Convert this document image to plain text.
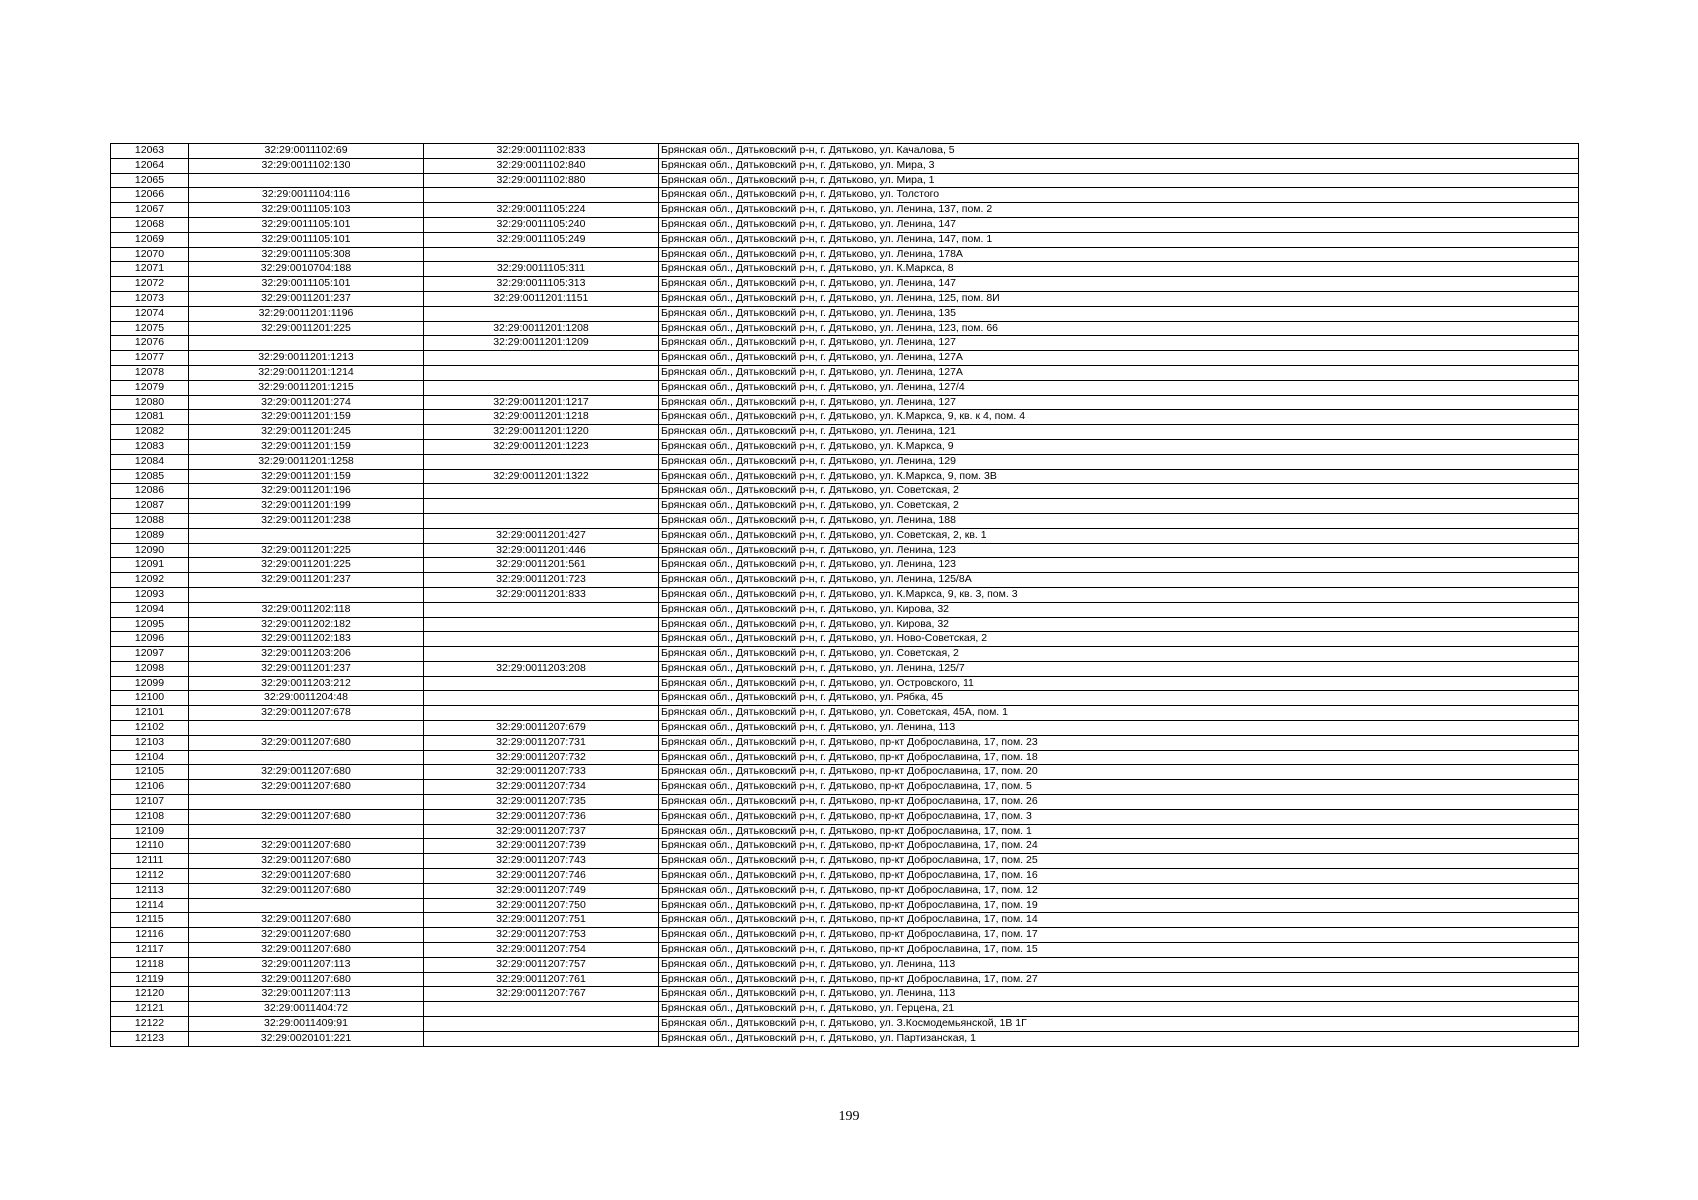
12063	32:29:0011102:69	32:29:0011102:833	Брянская обл., Дятьковский р-н, г. Дятьково, ул. Качалова, 5
12064	32:29:0011102:130	32:29:0011102:840	Брянская обл., Дятьковский р-н, г. Дятьково, ул. Мира, 3
12065		32:29:0011102:880	Брянская обл., Дятьковский р-н, г. Дятьково, ул. Мира, 1
12066	32:29:0011104:116		Брянская обл., Дятьковский р-н, г. Дятьково, ул. Толстого
12067	32:29:0011105:103	32:29:0011105:224	Брянская обл., Дятьковский р-н, г. Дятьково, ул. Ленина, 137, пом. 2
12068	32:29:0011105:101	32:29:0011105:240	Брянская обл., Дятьковский р-н, г. Дятьково, ул. Ленина, 147
12069	32:29:0011105:101	32:29:0011105:249	Брянская обл., Дятьковский р-н, г. Дятьково, ул. Ленина, 147, пом. 1
12070	32:29:0011105:308		Брянская обл., Дятьковский р-н, г. Дятьково, ул. Ленина, 178А
12071	32:29:0010704:188	32:29:0011105:311	Брянская обл., Дятьковский р-н, г. Дятьково, ул. К.Маркса, 8
12072	32:29:0011105:101	32:29:0011105:313	Брянская обл., Дятьковский р-н, г. Дятьково, ул. Ленина, 147
12073	32:29:0011201:237	32:29:0011201:1151	Брянская обл., Дятьковский р-н, г. Дятьково, ул. Ленина, 125, пом. 8И
12074	32:29:0011201:1196		Брянская обл., Дятьковский р-н, г. Дятьково, ул. Ленина, 135
12075	32:29:0011201:225	32:29:0011201:1208	Брянская обл., Дятьковский р-н, г. Дятьково, ул. Ленина, 123, пом. 66
12076		32:29:0011201:1209	Брянская обл., Дятьковский р-н, г. Дятьково, ул. Ленина, 127
12077	32:29:0011201:1213		Брянская обл., Дятьковский р-н, г. Дятьково, ул. Ленина, 127А
12078	32:29:0011201:1214		Брянская обл., Дятьковский р-н, г. Дятьково, ул. Ленина, 127А
12079	32:29:0011201:1215		Брянская обл., Дятьковский р-н, г. Дятьково, ул. Ленина, 127/4
12080	32:29:0011201:274	32:29:0011201:1217	Брянская обл., Дятьковский р-н, г. Дятьково, ул. Ленина, 127
12081	32:29:0011201:159	32:29:0011201:1218	Брянская обл., Дятьковский р-н, г. Дятьково, ул. К.Маркса, 9, кв. к 4, пом. 4
12082	32:29:0011201:245	32:29:0011201:1220	Брянская обл., Дятьковский р-н, г. Дятьково, ул. Ленина, 121
12083	32:29:0011201:159	32:29:0011201:1223	Брянская обл., Дятьковский р-н, г. Дятьково, ул. К.Маркса, 9
12084	32:29:0011201:1258		Брянская обл., Дятьковский р-н, г. Дятьково, ул. Ленина, 129
12085	32:29:0011201:159	32:29:0011201:1322	Брянская обл., Дятьковский р-н, г. Дятьково, ул. К.Маркса, 9, пом. 3В
12086	32:29:0011201:196		Брянская обл., Дятьковский р-н, г. Дятьково, ул. Советская, 2
12087	32:29:0011201:199		Брянская обл., Дятьковский р-н, г. Дятьково, ул. Советская, 2
12088	32:29:0011201:238		Брянская обл., Дятьковский р-н, г. Дятьково, ул. Ленина, 188
12089		32:29:0011201:427	Брянская обл., Дятьковский р-н, г. Дятьково, ул. Советская, 2, кв. 1
12090	32:29:0011201:225	32:29:0011201:446	Брянская обл., Дятьковский р-н, г. Дятьково, ул. Ленина, 123
12091	32:29:0011201:225	32:29:0011201:561	Брянская обл., Дятьковский р-н, г. Дятьково, ул. Ленина, 123
12092	32:29:0011201:237	32:29:0011201:723	Брянская обл., Дятьковский р-н, г. Дятьково, ул. Ленина, 125/8А
12093		32:29:0011201:833	Брянская обл., Дятьковский р-н, г. Дятьково, ул. К.Маркса, 9, кв. 3, пом. 3
12094	32:29:0011202:118		Брянская обл., Дятьковский р-н, г. Дятьково, ул. Кирова, 32
12095	32:29:0011202:182		Брянская обл., Дятьковский р-н, г. Дятьково, ул. Кирова, 32
12096	32:29:0011202:183		Брянская обл., Дятьковский р-н, г. Дятьково, ул. Ново-Советская, 2
12097	32:29:0011203:206		Брянская обл., Дятьковский р-н, г. Дятьково, ул. Советская, 2
12098	32:29:0011201:237	32:29:0011203:208	Брянская обл., Дятьковский р-н, г. Дятьково, ул. Ленина, 125/7
12099	32:29:0011203:212		Брянская обл., Дятьковский р-н, г. Дятьково, ул. Островского, 11
12100	32:29:0011204:48		Брянская обл., Дятьковский р-н, г. Дятьково, ул. Рябка, 45
12101	32:29:0011207:678		Брянская обл., Дятьковский р-н, г. Дятьково, ул. Советская, 45А, пом. 1
12102		32:29:0011207:679	Брянская обл., Дятьковский р-н, г. Дятьково, ул. Ленина, 113
12103	32:29:0011207:680	32:29:0011207:731	Брянская обл., Дятьковский р-н, г. Дятьково, пр-кт Доброславина, 17, пом. 23
12104		32:29:0011207:732	Брянская обл., Дятьковский р-н, г. Дятьково, пр-кт Доброславина, 17, пом. 18
12105	32:29:0011207:680	32:29:0011207:733	Брянская обл., Дятьковский р-н, г. Дятьково, пр-кт Доброславина, 17, пом. 20
12106	32:29:0011207:680	32:29:0011207:734	Брянская обл., Дятьковский р-н, г. Дятьково, пр-кт Доброславина, 17, пом. 5
12107		32:29:0011207:735	Брянская обл., Дятьковский р-н, г. Дятьково, пр-кт Доброславина, 17, пом. 26
12108	32:29:0011207:680	32:29:0011207:736	Брянская обл., Дятьковский р-н, г. Дятьково, пр-кт Доброславина, 17, пом. 3
12109		32:29:0011207:737	Брянская обл., Дятьковский р-н, г. Дятьково, пр-кт Доброславина, 17, пом. 1
12110	32:29:0011207:680	32:29:0011207:739	Брянская обл., Дятьковский р-н, г. Дятьково, пр-кт Доброславина, 17, пом. 24
12111	32:29:0011207:680	32:29:0011207:743	Брянская обл., Дятьковский р-н, г. Дятьково, пр-кт Доброславина, 17, пом. 25
12112	32:29:0011207:680	32:29:0011207:746	Брянская обл., Дятьковский р-н, г. Дятьково, пр-кт Доброславина, 17, пом. 16
12113	32:29:0011207:680	32:29:0011207:749	Брянская обл., Дятьковский р-н, г. Дятьково, пр-кт Доброславина, 17, пом. 12
12114		32:29:0011207:750	Брянская обл., Дятьковский р-н, г. Дятьково, пр-кт Доброславина, 17, пом. 19
12115	32:29:0011207:680	32:29:0011207:751	Брянская обл., Дятьковский р-н, г. Дятьково, пр-кт Доброславина, 17, пом. 14
12116	32:29:0011207:680	32:29:0011207:753	Брянская обл., Дятьковский р-н, г. Дятьково, пр-кт Доброславина, 17, пом. 17
12117	32:29:0011207:680	32:29:0011207:754	Брянская обл., Дятьковский р-н, г. Дятьково, пр-кт Доброславина, 17, пом. 15
12118	32:29:0011207:113	32:29:0011207:757	Брянская обл., Дятьковский р-н, г. Дятьково, ул. Ленина, 113
12119	32:29:0011207:680	32:29:0011207:761	Брянская обл., Дятьковский р-н, г. Дятьково, пр-кт Доброславина, 17, пом. 27
12120	32:29:0011207:113	32:29:0011207:767	Брянская обл., Дятьковский р-н, г. Дятьково, ул. Ленина, 113
12121	32:29:0011404:72		Брянская обл., Дятьковский р-н, г. Дятьково, ул. Герцена, 21
12122	32:29:0011409:91		Брянская обл., Дятьковский р-н, г. Дятьково, ул. З.Космодемьянской, 1В 1Г
12123	32:29:0020101:221		Брянская обл., Дятьковский р-н, г. Дятьково, ул. Партизанская, 1
199
